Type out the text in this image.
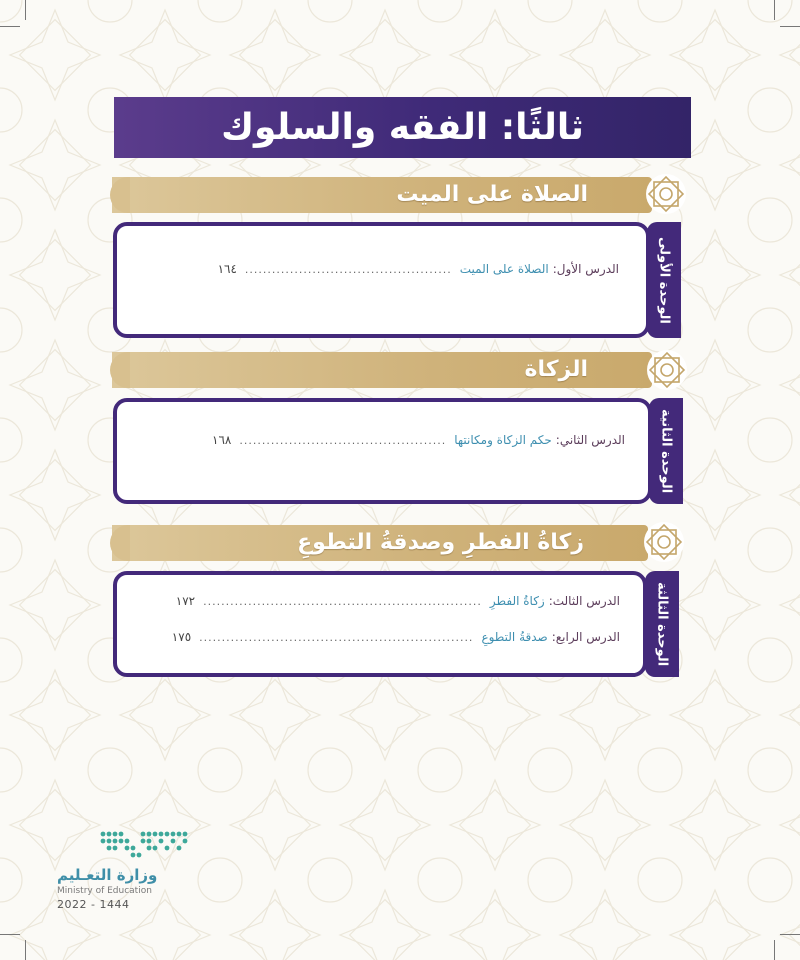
ثالثًا: الفقه والسلوك
الصلاة على الميت
الوحدة الأولى
الدرس الأول:
الصلاة على الميت
..............................................
١٦٤
الزكاة
الوحدة الثانية
الدرس الثاني:
حكم الزكاة ومكانتها
..............................................
١٦٨
زكاةُ الفطرِ وصدقةُ التطوعِ
الوحدة الثالثة
الدرس الثالث:
زكاةُ الفطرِ
..............................................................
١٧٢
الدرس الرابع:
صدقةُ التطوعِ
.............................................................
١٧٥
وزارة التعـليم
Ministry of Education
2022 - 1444
